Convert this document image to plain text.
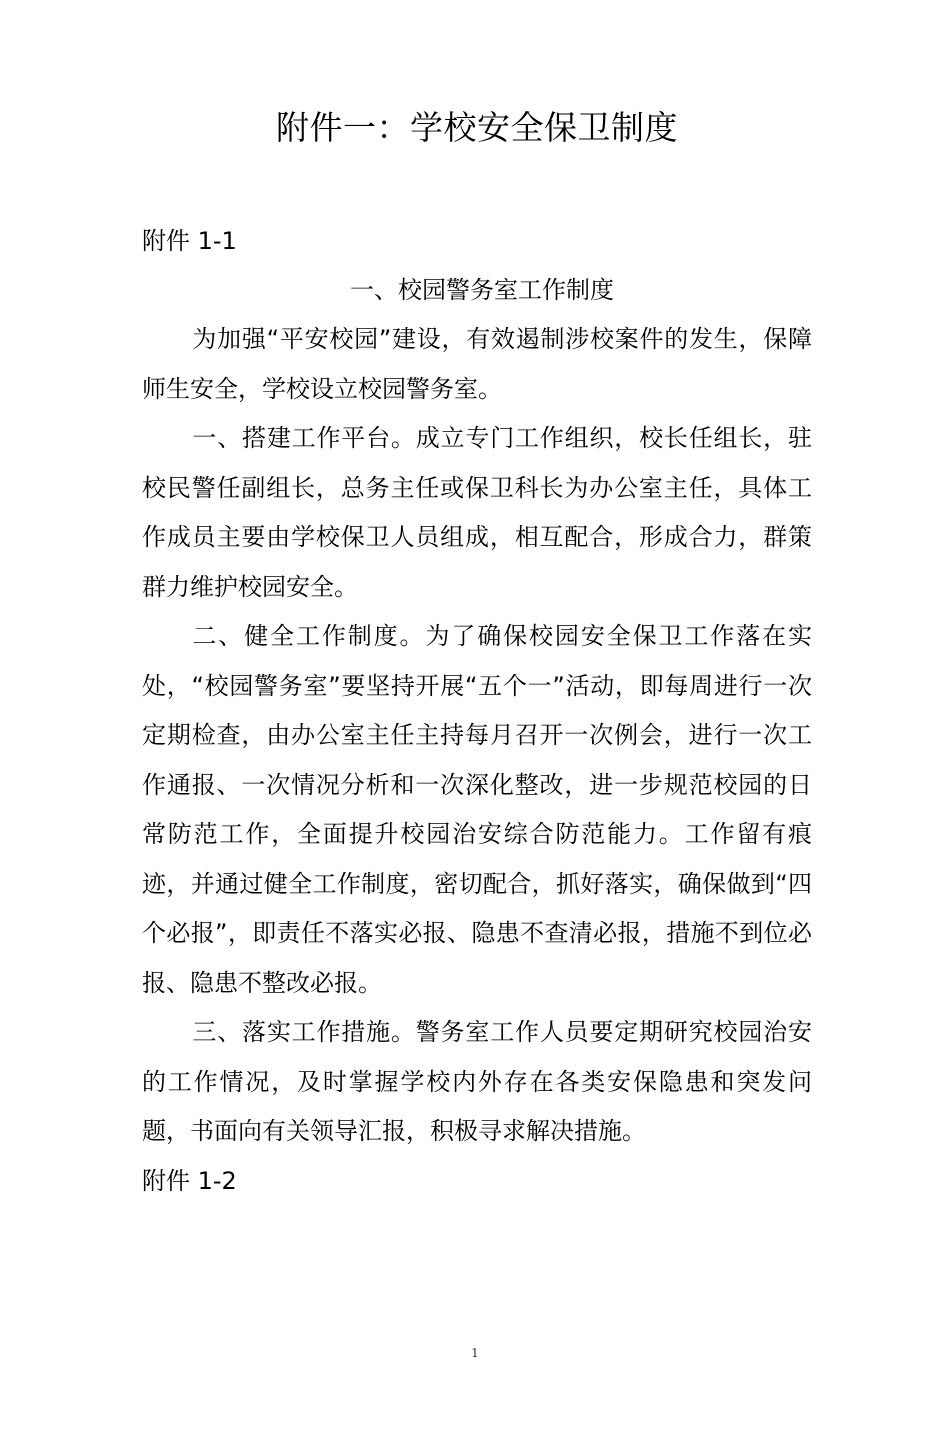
附件一：学校安全保卫制度

附件 1-1

一、校园警务室工作制度

为加强“平安校园”建设，有效遏制涉校案件的发生，保障师生安全，学校设立校园警务室。

一、搭建工作平台。成立专门工作组织，校长任组长，驻校民警任副组长，总务主任或保卫科长为办公室主任，具体工作成员主要由学校保卫人员组成，相互配合，形成合力，群策群力维护校园安全。

二、健全工作制度。为了确保校园安全保卫工作落在实处，“校园警务室”要坚持开展“五个一”活动，即每周进行一次定期检查，由办公室主任主持每月召开一次例会，进行一次工作通报、一次情况分析和一次深化整改，进一步规范校园的日常防范工作，全面提升校园治安综合防范能力。工作留有痕迹，并通过健全工作制度，密切配合，抓好落实，确保做到“四个必报”，即责任不落实必报、隐患不查清必报，措施不到位必报、隐患不整改必报。

三、落实工作措施。警务室工作人员要定期研究校园治安的工作情况，及时掌握学校内外存在各类安保隐患和突发问题，书面向有关领导汇报，积极寻求解决措施。

附件 1-2

1
